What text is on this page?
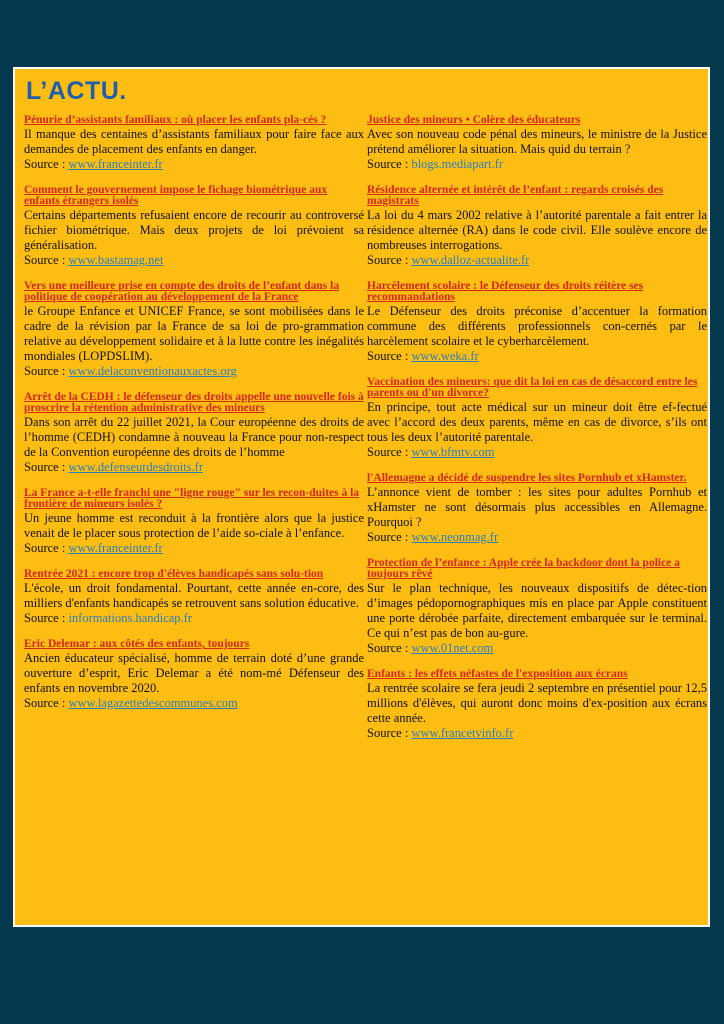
L’ACTU.
Pénurie d’assistants familiaux : où placer les enfants pla-cés ?

Il manque des centaines d’assistants familiaux pour faire face aux demandes de placement des enfants en danger.

Source : www.franceinter.fr
Comment le gouvernement impose le fichage biométrique aux enfants étrangers isolés

Certains départements refusaient encore de recourir au controversé fichier biométrique. Mais deux projets de loi prévoient sa généralisation.

Source : www.bastamag.net
Vers une meilleure prise en compte des droits de l’enfant dans la politique de coopération au développement de la France

le Groupe Enfance et UNICEF France, se sont mobilisées dans le cadre de la révision par la France de sa loi de pro-grammation relative au développement solidaire et à la lutte contre les inégalités mondiales (LOPDSLIM).

Source : www.delaconventionauxactes.org
Arrêt de la CEDH : le défenseur des droits appelle une nouvelle fois à proscrire la rétention administrative des mineurs

Dans son arrêt du 22 juillet 2021, la Cour européenne des droits de l’homme (CEDH) condamne à nouveau la France pour non-respect de la Convention européenne des droits de l’homme

Source : www.defenseurdesdroits.fr
La France a-t-elle franchi une "ligne rouge" sur les recon-duites à la frontière de mineurs isolés ?

Un jeune homme est reconduit à la frontière alors que la justice venait de le placer sous protection de l’aide so-ciale à l’enfance.

Source : www.franceinter.fr
Rentrée 2021 : encore trop d'élèves handicapés sans solu-tion

L'école, un droit fondamental. Pourtant, cette année en-core, des milliers d'enfants handicapés se retrouvent sans solution éducative.

Source : informations.handicap.fr
Eric Delemar : aux côtés des enfants, toujours

Ancien éducateur spécialisé, homme de terrain doté d’une grande ouverture d’esprit, Eric Delemar a été nom-mé Défenseur des enfants en novembre 2020.

Source : www.lagazettedescommunes.com
Justice des mineurs • Colère des éducateurs

Avec son nouveau code pénal des mineurs, le ministre de la Justice prétend améliorer la situation. Mais quid du terrain ?

Source : blogs.mediapart.fr
Résidence alternée et intérêt de l’enfant : regards croisés des magistrats

La loi du 4 mars 2002 relative à l’autorité parentale a fait entrer la résidence alternée (RA) dans le code civil. Elle soulève encore de nombreuses interrogations.

Source : www.dalloz-actualite.fr
Harcèlement scolaire : le Défenseur des droits réitère ses recommandations

Le Défenseur des droits préconise d’accentuer la formation commune des différents professionnels con-cernés par le harcèlement scolaire et le cyberharcèlement.

Source : www.weka.fr
Vaccination des mineurs: que dit la loi en cas de désaccord entre les parents ou d'un divorce?

En principe, tout acte médical sur un mineur doit être ef-fectué avec l’accord des deux parents, même en cas de divorce, s’ils ont tous les deux l’autorité parentale.

Source : www.bfmtv.com
l'Allemagne a décidé de suspendre les sites Pornhub et xHamster.

L’annonce vient de tomber : les sites pour adultes Pornhub et xHamster ne sont désormais plus accessibles en Allemagne. Pourquoi ?

Source : www.neonmag.fr
Protection de l’enfance : Apple crée la backdoor dont la police a toujours rêvé

Sur le plan technique, les nouveaux dispositifs de détec-tion d’images pédopornographiques mis en place par Apple constituent une porte dérobée parfaite, directement embarquée sur le terminal. Ce qui n’est pas de bon au-gure.

Source : www.01net.com
Enfants : les effets néfastes de l'exposition aux écrans

La rentrée scolaire se fera jeudi 2 septembre en présentiel pour 12,5 millions d'élèves, qui auront donc moins d'ex-position aux écrans cette année.

Source : www.francetvinfo.fr
